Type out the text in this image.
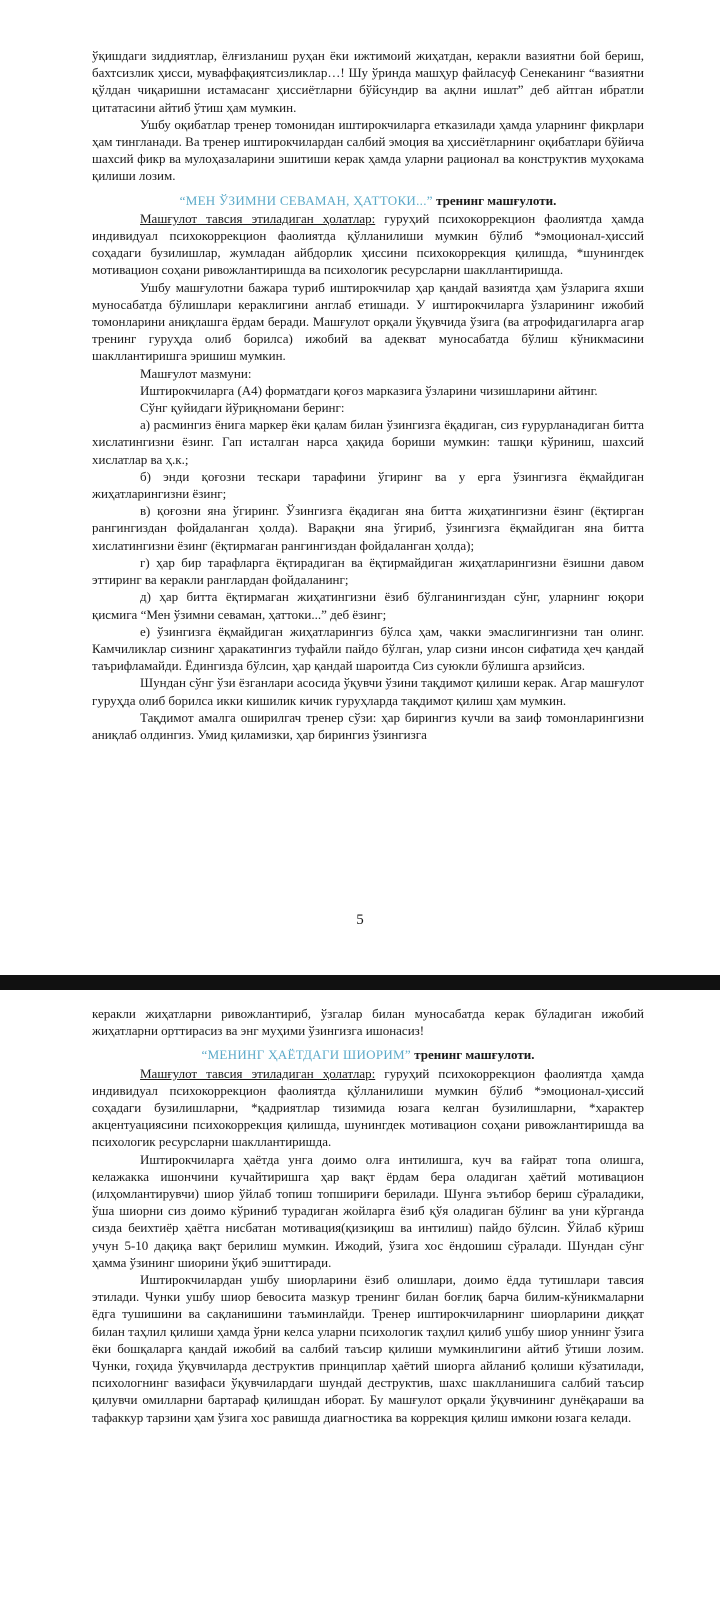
ўқишдаги зиддиятлар, ёлғизланиш руҳан ёки ижтимоий жиҳатдан, керакли вазиятни бой бериш, бахтсизлик ҳисси, муваффақиятсизликлар…! Шу ўринда машҳур файласуф Сенеканинг “вазиятни қўлдан чиқаришни истамасанг ҳиссиётларни бўйсундир ва ақлни ишлат” деб айтган ибратли цитатасини айтиб ўтиш ҳам мумкин.

Ушбу оқибатлар тренер томонидан иштирокчиларга етказилади ҳамда уларнинг фикрлари ҳам тингланади. Ва тренер иштирокчилардан салбий эмоция ва ҳиссиётларнинг оқибатлари бўйича шахсий фикр ва мулоҳазаларини эшитиши керак ҳамда уларни рационал ва конструктив муҳокама қилиши лозим.

“МЕН ЎЗИМНИ СЕВАМАН, ҲАТТОКИ...” тренинг машғулоти.

Машғулот тавсия этиладиган ҳолатлар: гуруҳий психокоррекцион фаолиятда ҳамда индивидуал психокоррекцион фаолиятда қўлланилиши мумкин бўлиб *эмоционал-ҳиссий соҳадаги бузилишлар, жумладан айбдорлик ҳиссини психокоррекция қилишда, *шунингдек мотивацион соҳани ривожлантиришда ва психологик ресурсларни шакллантиришда.

Ушбу машғулотни бажара туриб иштирокчилар ҳар қандай вазиятда ҳам ўзларига яхши муносабатда бўлишлари кераклигини англаб етишади. У иштирокчиларга ўзларининг ижобий томонларини аниқлашга ёрдам беради. Машғулот орқали ўқувчида ўзига (ва атрофидагиларга агар тренинг гуруҳда олиб борилса) ижобий ва адекват муносабатда бўлиш кўникмасини шакллантиришга эришиш мумкин.

Машғулот мазмуни:

Иштирокчиларга (А4) форматдаги қоғоз марказига ўзларини чизишларини айтинг.

Сўнг қуйидаги йўриқномани беринг:

а) расмингиз ёнига маркер ёки қалам билан ўзингизга ёқадиган, сиз ғурурланадиган битта хислатингизни ёзинг. Гап исталган нарса ҳақида бориши мумкин: ташқи кўриниш, шахсий хислатлар ва ҳ.к.;

б) энди қоғозни тескари тарафини ўгиринг ва у ерга ўзингизга ёқмайдиган жиҳатларингизни ёзинг;

в) қоғозни яна ўгиринг. Ўзингизга ёқадиган яна битта жиҳатингизни ёзинг (ёқтирган рангингиздан фойдаланган ҳолда). Варақни яна ўгириб, ўзингизга ёқмайдиган яна битта хислатингизни ёзинг (ёқтирмаган рангингиздан фойдаланган ҳолда);

г) ҳар бир тарафларга ёқтирадиган ва ёқтирмайдиган жиҳатларингизни ёзишни давом эттиринг ва керакли ранглардан фойдаланинг;

д) ҳар битта ёқтирмаган жиҳатингизни ёзиб бўлганингиздан сўнг, уларнинг юқори қисмига “Мен ўзимни севаман, ҳаттоки...” деб ёзинг;

е) ўзингизга ёқмайдиган жиҳатларингиз бўлса ҳам, чакки эмаслигингизни тан олинг. Камчиликлар сизнинг ҳаракатингиз туфайли пайдо бўлган, улар сизни инсон сифатида ҳеч қандай таърифламайди. Ёдингизда бўлсин, ҳар қандай шароитда Сиз суюкли бўлишга арзийсиз.

Шундан сўнг ўзи ёзганлари асосида ўқувчи ўзини тақдимот қилиши керак. Агар машғулот гуруҳда олиб борилса икки кишилик кичик гуруҳларда тақдимот қилиш ҳам мумкин.

Тақдимот амалга оширилгач тренер сўзи: ҳар бирингиз кучли ва заиф томонларингизни аниқлаб олдингиз. Умид қиламизки, ҳар бирингиз ўзингизга

5

керакли жиҳатларни ривожлантириб, ўзгалар билан муносабатда керак бўладиган ижобий жиҳатларни орттирасиз ва энг муҳими ўзингизга ишонасиз!

“МЕНИНГ ҲАЁТДАГИ ШИОРИМ” тренинг машғулоти.

Машғулот тавсия этиладиган ҳолатлар: гуруҳий психокоррекцион фаолиятда ҳамда индивидуал психокоррекцион фаолиятда қўлланилиши мумкин бўлиб *эмоционал-ҳиссий соҳадаги бузилишларни, *қадриятлар тизимида юзага келган бузилишларни, *характер акцентуациясини психокоррекция қилишда, шунингдек мотивацион соҳани ривожлантиришда ва психологик ресурсларни шакллантиришда.

Иштирокчиларга ҳаётда унга доимо олға интилишга, куч ва ғайрат топа олишга, келажакка ишончини кучайтиришга ҳар вақт ёрдам бера оладиган ҳаётий мотивацион (илҳомлантирувчи) шиор ўйлаб топиш топшириғи берилади. Шунга эътибор бериш сўраладики, ўша шиорни сиз доимо кўриниб турадиган жойларга ёзиб қўя оладиган бўлинг ва уни кўрганда сизда беихтиёр ҳаётга нисбатан мотивация(қизиқиш ва интилиш) пайдо бўлсин. Ўйлаб кўриш учун 5-10 дақиқа вақт берилиш мумкин. Ижодий, ўзига хос ёндошиш сўралади. Шундан сўнг ҳамма ўзининг шиорини ўқиб эшиттиради.

Иштирокчилардан ушбу шиорларини ёзиб олишлари, доимо ёдда тутишлари тавсия этилади. Чунки ушбу шиор бевосита мазкур тренинг билан боғлиқ барча билим-кўникмаларни ёдга тушишини ва сақланишини таъминлайди. Тренер иштирокчиларнинг шиорларини диққат билан таҳлил қилиши ҳамда ўрни келса уларни психологик таҳлил қилиб ушбу шиор уннинг ўзига ёки бошқаларга қандай ижобий ва салбий таъсир қилиши мумкинлигини айтиб ўтиши лозим. Чунки, гоҳида ўқувчиларда деструктив принциплар ҳаётий шиорга айланиб қолиши кўзатилади, психологнинг вазифаси ўқувчилардаги шундай деструктив, шахс шаклланишига салбий таъсир қилувчи омилларни бартараф қилишдан иборат. Бу машғулот орқали ўқувчининг дунёқараши ва тафаккур тарзини ҳам ўзига хос равишда диагностика ва коррекция қилиш имкони юзага келади.
